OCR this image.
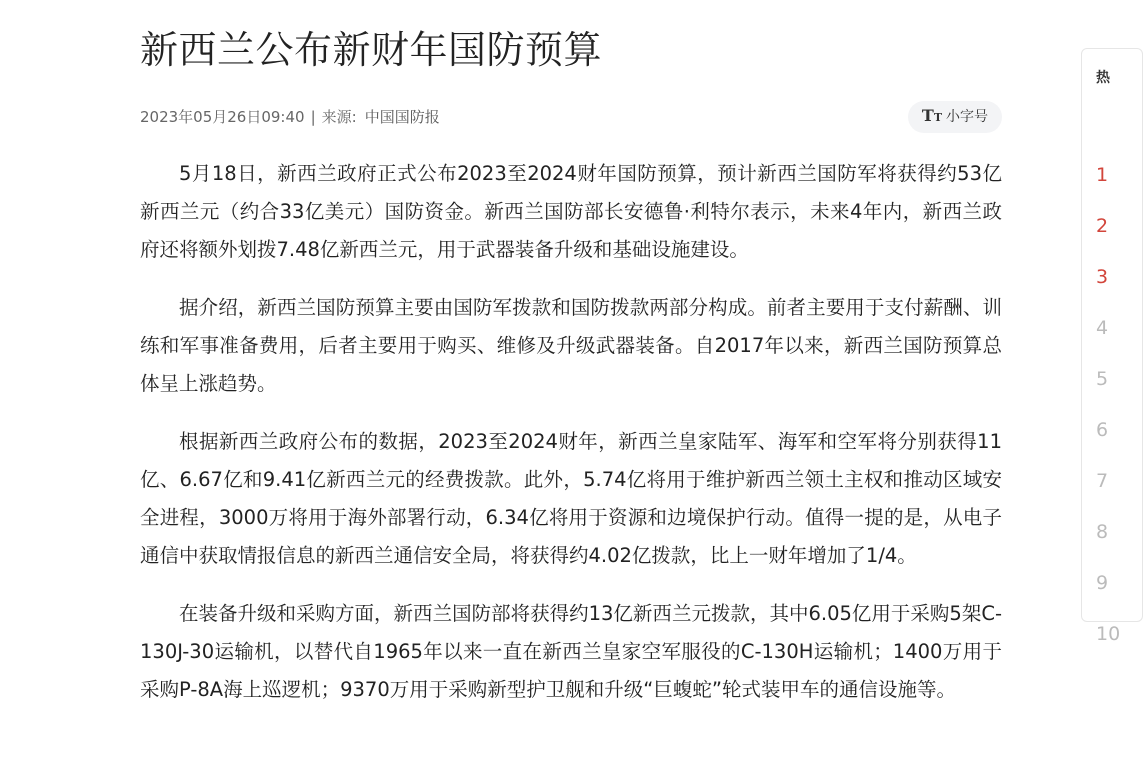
新西兰公布新财年国防预算
2023年05月26日09:40 | 来源: 中国国防报	TT 小字号

5月18日，新西兰政府正式公布2023至2024财年国防预算，预计新西兰国防军将获得约53亿新西兰元（约合33亿美元）国防资金。新西兰国防部长安德鲁·利特尔表示，未来4年内，新西兰政府还将额外划拨7.48亿新西兰元，用于武器装备升级和基础设施建设。

据介绍，新西兰国防预算主要由国防军拨款和国防拨款两部分构成。前者主要用于支付薪酬、训练和军事准备费用，后者主要用于购买、维修及升级武器装备。自2017年以来，新西兰国防预算总体呈上涨趋势。

根据新西兰政府公布的数据，2023至2024财年，新西兰皇家陆军、海军和空军将分别获得11亿、6.67亿和9.41亿新西兰元的经费拨款。此外，5.74亿将用于维护新西兰领土主权和推动区域安全进程，3000万将用于海外部署行动，6.34亿将用于资源和边境保护行动。值得一提的是，从电子通信中获取情报信息的新西兰通信安全局，将获得约4.02亿拨款，比上一财年增加了1/4。

在装备升级和采购方面，新西兰国防部将获得约13亿新西兰元拨款，其中6.05亿用于采购5架C-130J-30运输机，以替代自1965年以来一直在新西兰皇家空军服役的C-130H运输机；1400万用于采购P-8A海上巡逻机；9370万用于采购新型护卫舰和升级“巨蝮蛇”轮式装甲车的通信设施等。

热
1
2
3
4
5
6
7
8
9
10
